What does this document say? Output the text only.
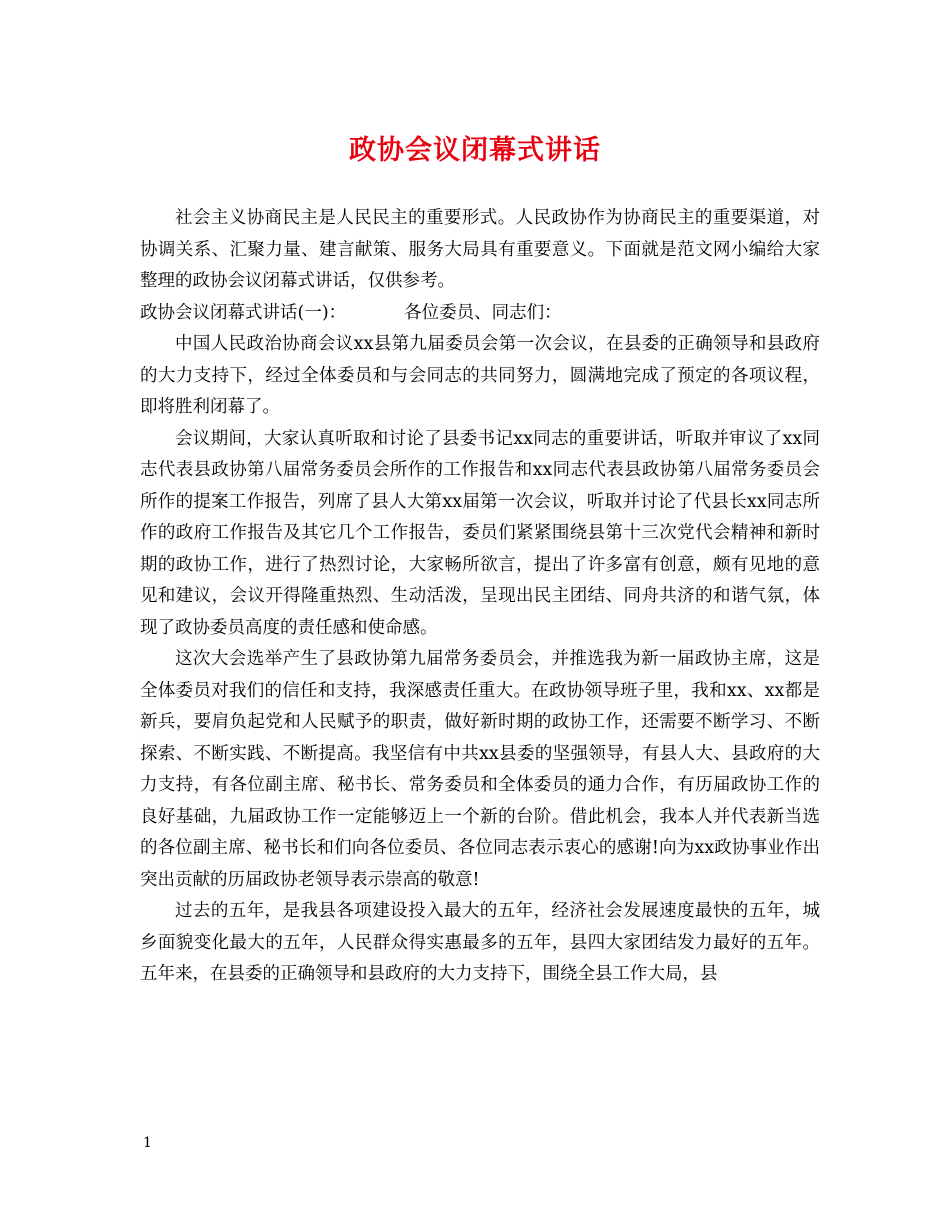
政协会议闭幕式讲话

社会主义协商民主是人民民主的重要形式。人民政协作为协商民主的重要渠道，对协调关系、汇聚力量、建言献策、服务大局具有重要意义。下面就是范文网小编给大家整理的政协会议闭幕式讲话，仅供参考。

政协会议闭幕式讲话(一)：	各位委员、同志们：

中国人民政治协商会议xx县第九届委员会第一次会议，在县委的正确领导和县政府的大力支持下，经过全体委员和与会同志的共同努力，圆满地完成了预定的各项议程，即将胜利闭幕了。

会议期间，大家认真听取和讨论了县委书记xx同志的重要讲话，听取并审议了xx同志代表县政协第八届常务委员会所作的工作报告和xx同志代表县政协第八届常务委员会所作的提案工作报告，列席了县人大第xx届第一次会议，听取并讨论了代县长xx同志所作的政府工作报告及其它几个工作报告，委员们紧紧围绕县第十三次党代会精神和新时期的政协工作，进行了热烈讨论，大家畅所欲言，提出了许多富有创意，颇有见地的意见和建议，会议开得隆重热烈、生动活泼，呈现出民主团结、同舟共济的和谐气氛，体现了政协委员高度的责任感和使命感。

这次大会选举产生了县政协第九届常务委员会，并推选我为新一届政协主席，这是全体委员对我们的信任和支持，我深感责任重大。在政协领导班子里，我和xx、xx都是新兵，要肩负起党和人民赋予的职责，做好新时期的政协工作，还需要不断学习、不断探索、不断实践、不断提高。我坚信有中共xx县委的坚强领导，有县人大、县政府的大力支持，有各位副主席、秘书长、常务委员和全体委员的通力合作，有历届政协工作的良好基础，九届政协工作一定能够迈上一个新的台阶。借此机会，我本人并代表新当选的各位副主席、秘书长和们向各位委员、各位同志表示衷心的感谢!向为xx政协事业作出突出贡献的历届政协老领导表示崇高的敬意!

过去的五年，是我县各项建设投入最大的五年，经济社会发展速度最快的五年，城乡面貌变化最大的五年，人民群众得实惠最多的五年，县四大家团结发力最好的五年。五年来，在县委的正确领导和县政府的大力支持下，围绕全县工作大局，县

1
